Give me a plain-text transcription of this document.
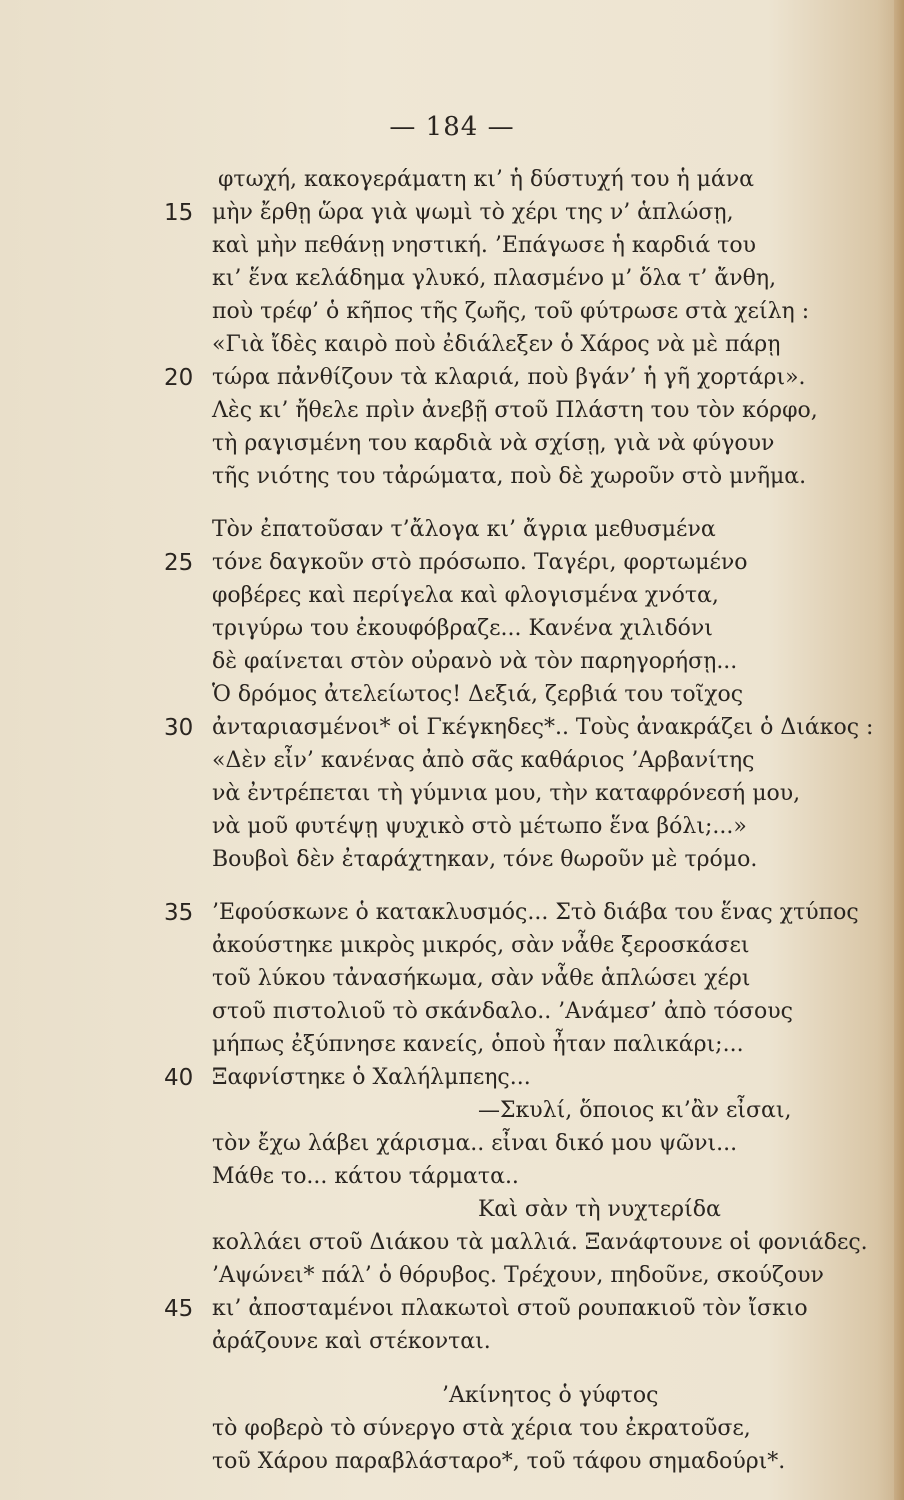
— 184 —
φτωχή, κακογεράματη κι’ ἡ δύστυχή του ἡ μάνα
15 μὴν ἔρθῃ ὥρα γιὰ ψωμὶ τὸ χέρι της ν’ ἁπλώσῃ,
καὶ μὴν πεθάνῃ νηστική. ’Επάγωσε ἡ καρδιά του
κι’ ἕνα κελάδημα γλυκό, πλασμένο μ’ ὅλα τ’ ἄνθη,
ποὺ τρέφ’ ὁ κῆπος τῆς ζωῆς, τοῦ φύτρωσε στὰ χείλη :
«Γιὰ ἴδὲς καιρὸ ποὺ ἐδιάλεξεν ὁ Χάρος νὰ μὲ πάρῃ
20 τώρα πἀνθίζουν τὰ κλαριά, ποὺ βγάν’ ἡ γῆ χορτάρι».
Λὲς κι’ ἤθελε πρὶν ἀνεβῇ στοῦ Πλάστη του τὸν κόρφο,
τὴ ραγισμένη του καρδιὰ νὰ σχίσῃ, γιὰ νὰ φύγουν
τῆς νιότης του τἀρώματα, ποὺ δὲ χωροῦν στὸ μνῆμα.
Τὸν ἐπατοῦσαν τ’ἄλογα κι’ ἄγρια μεθυσμένα
25 τόνε δαγκοῦν στὸ πρόσωπο. Ταγέρι, φορτωμένο
φοβέρες καὶ περίγελα καὶ φλογισμένα χνότα,
τριγύρω του ἐκουφόβραζε... Κανένα χιλιδόνι
δὲ φαίνεται στὸν οὐρανὸ νὰ τὸν παρηγορήσῃ...
Ὁ δρόμος ἀτελείωτος! Δεξιά, ζερβιά του τοῖχος
30 ἀνταριασμένοι* οἱ Γκέγκηδες*.. Τοὺς ἀνακράζει ὁ Διάκος :
«Δὲν εἶν’ κανένας ἀπὸ σᾶς καθάριος ’Αρβανίτης
νὰ ἐντρέπεται τὴ γύμνια μου, τὴν καταφρόνεσή μου,
νὰ μοῦ φυτέψῃ ψυχικὸ στὸ μέτωπο ἕνα βόλι;...»
Βουβοὶ δὲν ἐταράχτηκαν, τόνε θωροῦν μὲ τρόμο.
35 ’Εφούσκωνε ὁ κατακλυσμός... Στὸ διάβα του ἕνας χτύπος
ἀκούστηκε μικρὸς μικρός, σὰν νἆθε ξεροσκάσει
τοῦ λύκου τἀνασήκωμα, σὰν νἆθε ἁπλώσει χέρι
στοῦ πιστολιοῦ τὸ σκάνδαλο.. ’Ανάμεσ’ ἀπὸ τόσους
μήπως ἐξύπνησε κανείς, ὁποὺ ἦταν παλικάρι;...
40 Ξαφνίστηκε ὁ Χαλήλμπεης...
—Σκυλί, ὅποιος κι’ἂν εἶσαι,
τὸν ἔχω λάβει χάρισμα.. εἶναι δικό μου ψῶνι...
Μάθε το... κάτου τάρματα..
Καὶ σὰν τὴ νυχτερίδα
κολλάει στοῦ Διάκου τὰ μαλλιά. Ξανάφτουνε οἱ φονιάδες.
’Αψώνει* πάλ’ ὁ θόρυβος. Τρέχουν, πηδοῦνε, σκούζουν
45 κι’ ἀποσταμένοι πλακωτοὶ στοῦ ρουπακιοῦ τὸν ἴσκιο
ἀράζουνε καὶ στέκονται.
’Ακίνητος ὁ γύφτος
τὸ φοβερὸ τὸ σύνεργο στὰ χέρια του ἐκρατοῦσε,
τοῦ Χάρου παραβλάσταρο*, τοῦ τάφου σημαδούρι*.
